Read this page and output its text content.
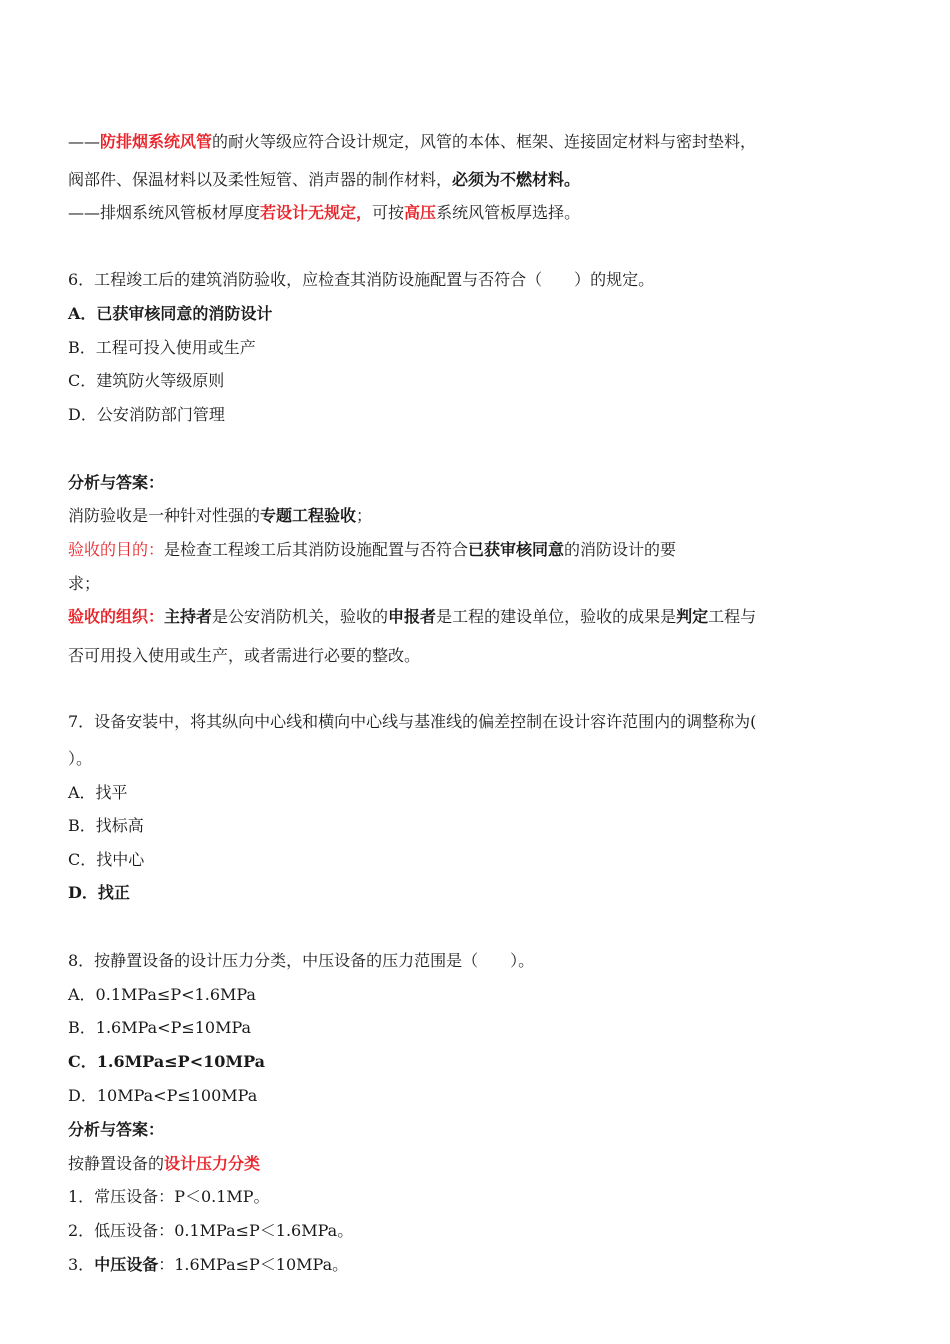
——防排烟系统风管的耐火等级应符合设计规定，风管的本体、框架、连接固定材料与密封垫料，
阀部件、保温材料以及柔性短管、消声器的制作材料，必须为不燃材料。
——排烟系统风管板材厚度若设计无规定，可按高压系统风管板厚选择。
6．工程竣工后的建筑消防验收，应检查其消防设施配置与否符合（　　）的规定。
A．已获审核同意的消防设计
B．工程可投入使用或生产
C．建筑防火等级原则
D．公安消防部门管理
分析与答案：
消防验收是一种针对性强的专题工程验收；
验收的目的：是检查工程竣工后其消防设施配置与否符合已获审核同意的消防设计的要
求；
验收的组织：主持者是公安消防机关，验收的申报者是工程的建设单位，验收的成果是判定工程与
否可用投入使用或生产，或者需进行必要的整改。
7．设备安装中，将其纵向中心线和横向中心线与基准线的偏差控制在设计容许范围内的调整称为(
）。
A．找平
B．找标高
C．找中心
D．找正
8．按静置设备的设计压力分类，中压设备的压力范围是（　　）。
A．0.1MPa≤P<1.6MPa
B．1.6MPa<P≤10MPa
C．1.6MPa≤P<10MPa
D．10MPa<P≤100MPa
分析与答案：
按静置设备的设计压力分类
1．常压设备：P＜0.1MP。
2．低压设备：0.1MPa≤P＜1.6MPa。
3．中压设备：1.6MPa≤P＜10MPa。
